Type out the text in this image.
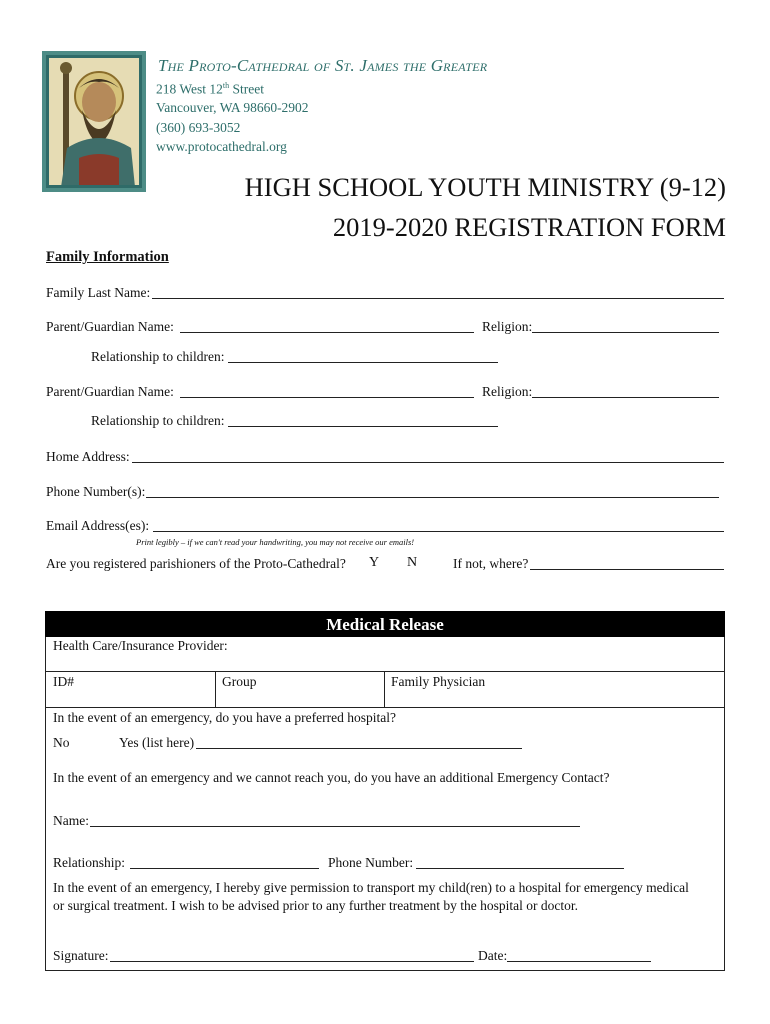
The Proto-Cathedral of St. James the Greater
218 West 12th Street
Vancouver, WA 98660-2902
(360) 693-3052
www.protocathedral.org
HIGH SCHOOL YOUTH MINISTRY (9-12)
2019-2020 REGISTRATION FORM
Family Information
Family Last Name:
Parent/Guardian Name:	Religion:
Relationship to children:
Parent/Guardian Name:	Religion:
Relationship to children:
Home Address:
Phone Number(s):
Email Address(es):
Print legibly – if we can't read your handwriting, you may not receive our emails!
Are you registered parishioners of the Proto-Cathedral? Y N	If not, where?
Medical Release
Health Care/Insurance Provider:
ID#	Group	Family Physician
In the event of an emergency, do you have a preferred hospital?
No	Yes (list here)
In the event of an emergency and we cannot reach you, do you have an additional Emergency Contact?
Name:
Relationship:	Phone Number:
In the event of an emergency, I hereby give permission to transport my child(ren) to a hospital for emergency medical
or surgical treatment. I wish to be advised prior to any further treatment by the hospital or doctor.
Signature:	Date:
